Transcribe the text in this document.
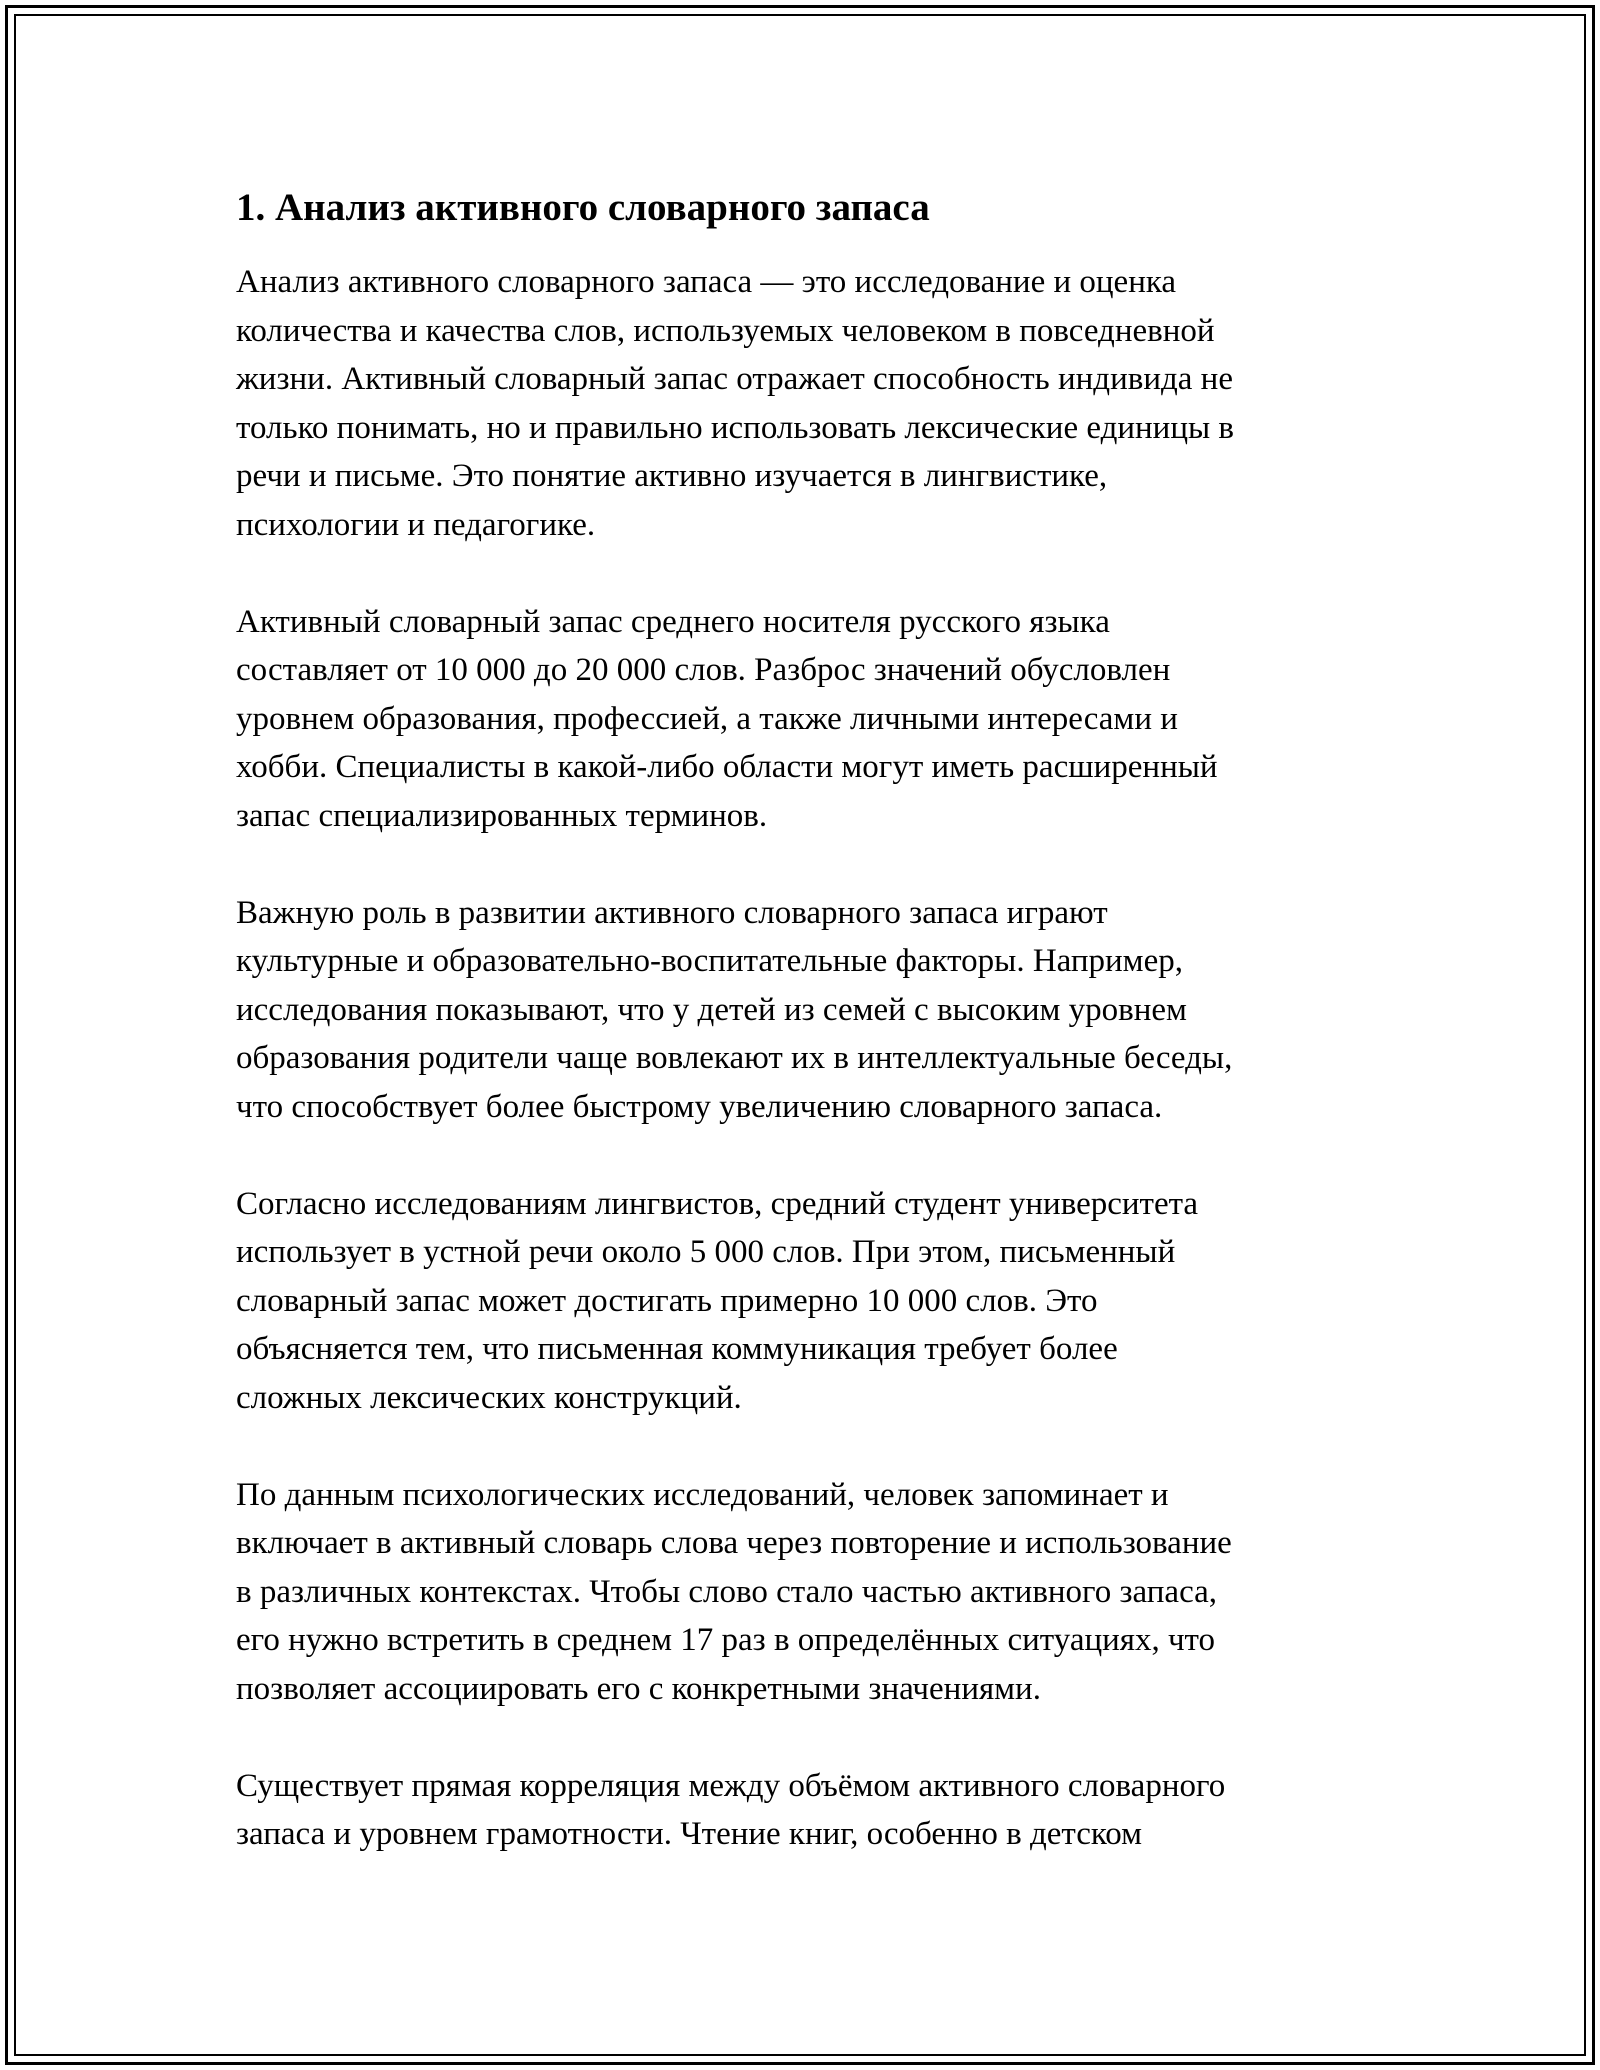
1. Анализ активного словарного запаса
Анализ активного словарного запаса — это исследование и оценка
количества и качества слов, используемых человеком в повседневной
жизни. Активный словарный запас отражает способность индивида не
только понимать, но и правильно использовать лексические единицы в
речи и письме. Это понятие активно изучается в лингвистике,
психологии и педагогике.
Активный словарный запас среднего носителя русского языка
составляет от 10 000 до 20 000 слов. Разброс значений обусловлен
уровнем образования, профессией, а также личными интересами и
хобби. Специалисты в какой-либо области могут иметь расширенный
запас специализированных терминов.
Важную роль в развитии активного словарного запаса играют
культурные и образовательно-воспитательные факторы. Например,
исследования показывают, что у детей из семей с высоким уровнем
образования родители чаще вовлекают их в интеллектуальные беседы,
что способствует более быстрому увеличению словарного запаса.
Согласно исследованиям лингвистов, средний студент университета
использует в устной речи около 5 000 слов. При этом, письменный
словарный запас может достигать примерно 10 000 слов. Это
объясняется тем, что письменная коммуникация требует более
сложных лексических конструкций.
По данным психологических исследований, человек запоминает и
включает в активный словарь слова через повторение и использование
в различных контекстах. Чтобы слово стало частью активного запаса,
его нужно встретить в среднем 17 раз в определённых ситуациях, что
позволяет ассоциировать его с конкретными значениями.
Существует прямая корреляция между объёмом активного словарного
запаса и уровнем грамотности. Чтение книг, особенно в детском
